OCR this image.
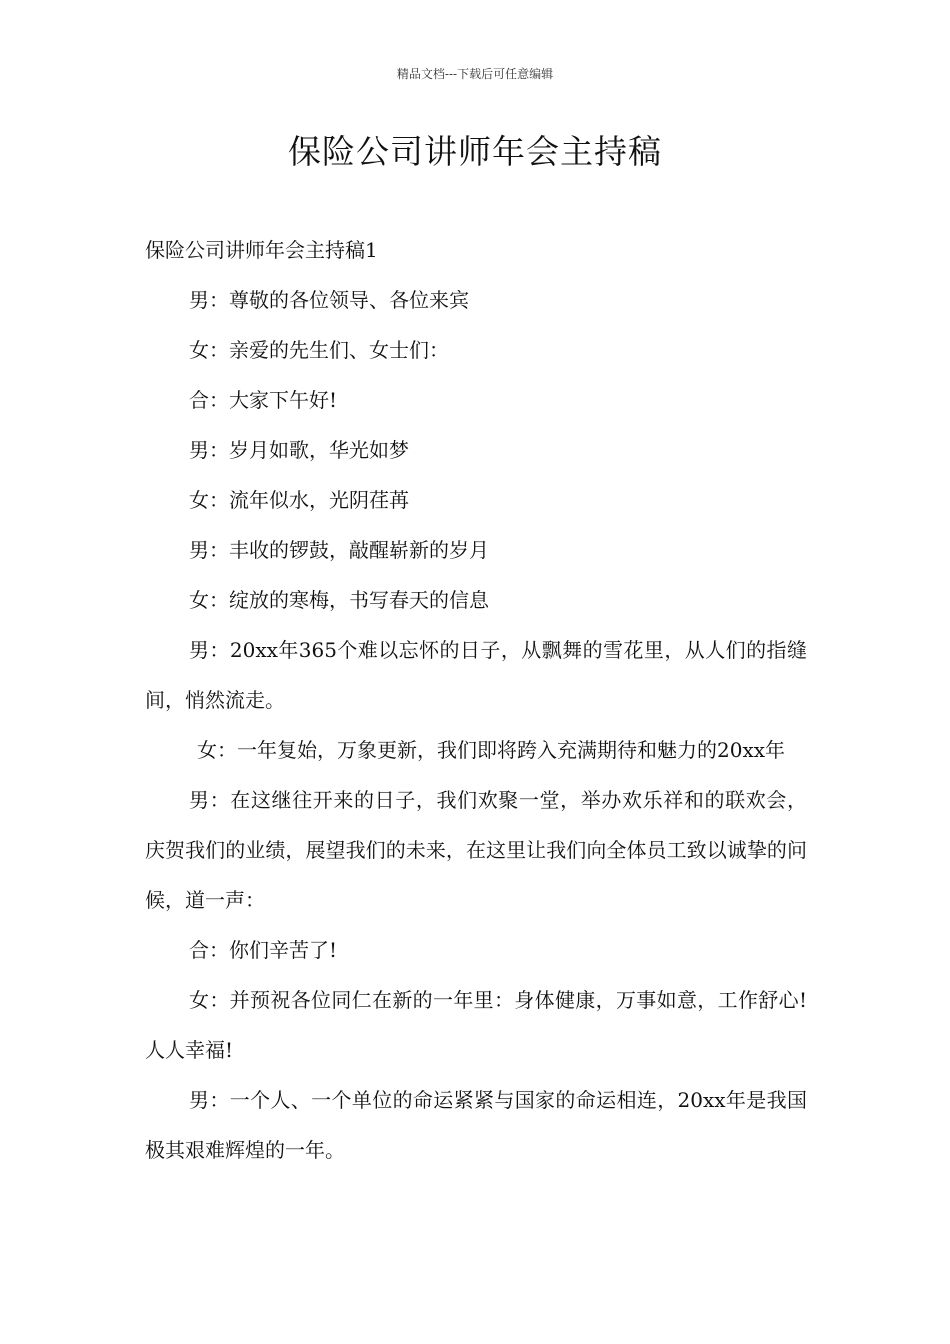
精品文档---下载后可任意编辑
保险公司讲师年会主持稿

保险公司讲师年会主持稿1

男：尊敬的各位领导、各位来宾

女：亲爱的先生们、女士们：

合：大家下午好!

男：岁月如歌，华光如梦

女：流年似水，光阴荏苒

男：丰收的锣鼓，敲醒崭新的岁月

女：绽放的寒梅，书写春天的信息

男：20xx年365个难以忘怀的日子，从飘舞的雪花里，从人们的指缝间，悄然流走。

女：一年复始，万象更新，我们即将跨入充满期待和魅力的20xx年

男：在这继往开来的日子，我们欢聚一堂，举办欢乐祥和的联欢会，庆贺我们的业绩，展望我们的未来，在这里让我们向全体员工致以诚挚的问候，道一声：

合：你们辛苦了!

女：并预祝各位同仁在新的一年里：身体健康，万事如意，工作舒心!人人幸福!

男：一个人、一个单位的命运紧紧与国家的命运相连，20xx年是我国极其艰难辉煌的一年。
